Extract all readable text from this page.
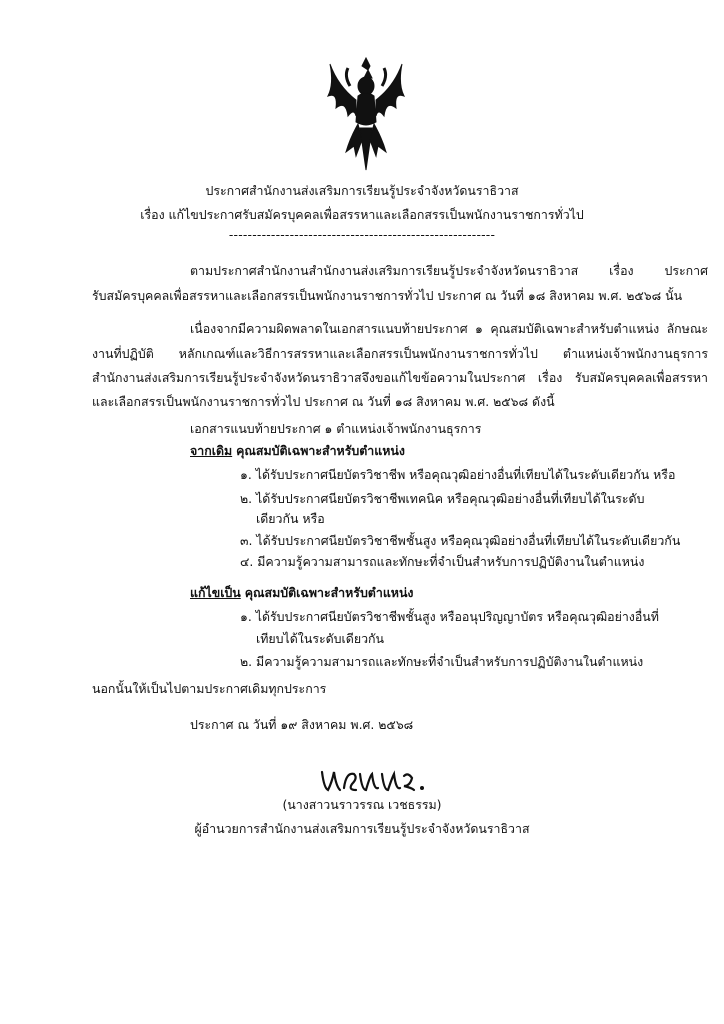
ประกาศสำนักงานส่งเสริมการเรียนรู้ประจำจังหวัดนราธิวาส
เรื่อง แก้ไขประกาศรับสมัครบุคคลเพื่อสรรหาและเลือกสรรเป็นพนักงานราชการทั่วไป
---------------------------------------------------------
ตามประกาศสำนักงานสำนักงานส่งเสริมการเรียนรู้ประจำจังหวัดนราธิวาส เรื่อง ประกาศ
รับสมัครบุคคลเพื่อสรรหาและเลือกสรรเป็นพนักงานราชการทั่วไป ประกาศ ณ วันที่ ๑๘ สิงหาคม พ.ศ. ๒๕๖๘ นั้น
เนื่องจากมีความผิดพลาดในเอกสารแนบท้ายประกาศ ๑ คุณสมบัติเฉพาะสำหรับตำแหน่ง ลักษณะ
งานที่ปฏิบัติ หลักเกณฑ์และวิธีการสรรหาและเลือกสรรเป็นพนักงานราชการทั่วไป ตำแหน่งเจ้าพนักงานธุรการ
สำนักงานส่งเสริมการเรียนรู้ประจำจังหวัดนราธิวาสจึงขอแก้ไขข้อความในประกาศ เรื่อง รับสมัครบุคคลเพื่อสรรหา
และเลือกสรรเป็นพนักงานราชการทั่วไป ประกาศ ณ วันที่ ๑๘ สิงหาคม พ.ศ. ๒๕๖๘ ดังนี้
เอกสารแนบท้ายประกาศ ๑ ตำแหน่งเจ้าพนักงานธุรการ
จากเดิม คุณสมบัติเฉพาะสำหรับตำแหน่ง
๑. ได้รับประกาศนียบัตรวิชาชีพ หรือคุณวุฒิอย่างอื่นที่เทียบได้ในระดับเดียวกัน หรือ
๒. ได้รับประกาศนียบัตรวิชาชีพเทคนิค หรือคุณวุฒิอย่างอื่นที่เทียบได้ในระดับ
เดียวกัน หรือ
๓. ได้รับประกาศนียบัตรวิชาชีพชั้นสูง หรือคุณวุฒิอย่างอื่นที่เทียบได้ในระดับเดียวกัน
๔. มีความรู้ความสามารถและทักษะที่จำเป็นสำหรับการปฏิบัติงานในตำแหน่ง
แก้ไขเป็น คุณสมบัติเฉพาะสำหรับตำแหน่ง
๑. ได้รับประกาศนียบัตรวิชาชีพชั้นสูง หรืออนุปริญญาบัตร หรือคุณวุฒิอย่างอื่นที่
เทียบได้ในระดับเดียวกัน
๒. มีความรู้ความสามารถและทักษะที่จำเป็นสำหรับการปฏิบัติงานในตำแหน่ง
นอกนั้นให้เป็นไปตามประกาศเดิมทุกประการ
ประกาศ ณ วันที่ ๑๙ สิงหาคม พ.ศ. ๒๕๖๘
(นางสาวนราวรรณ เวชธรรม)
ผู้อำนวยการสำนักงานส่งเสริมการเรียนรู้ประจำจังหวัดนราธิวาส
